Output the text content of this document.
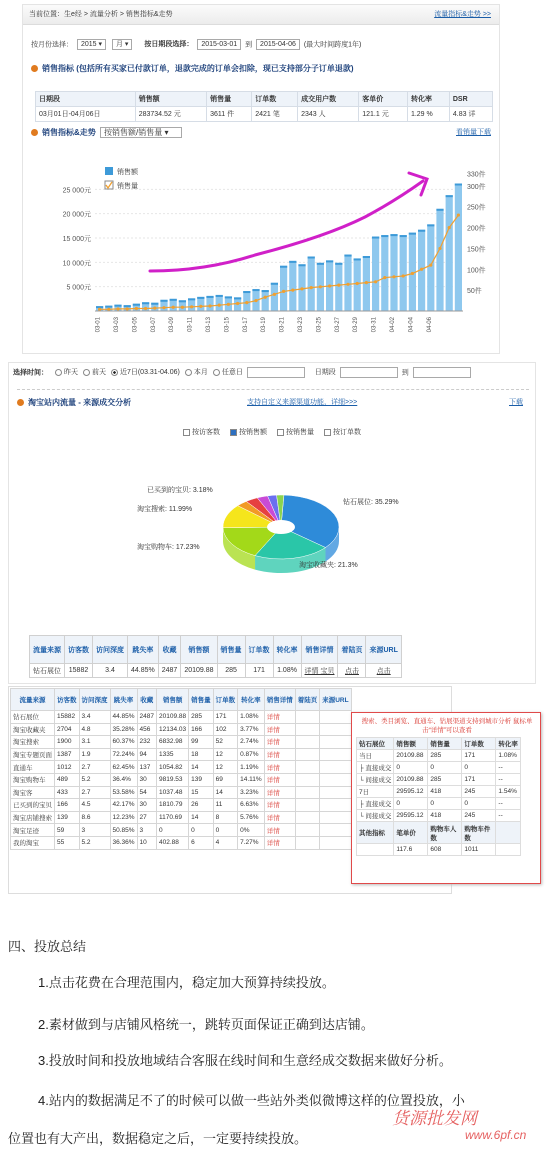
当前位置：生e经 > 流量分析 > 销售指标&走势	流量指标&走势 >>
按月份选择： 2015 ▾ 月 ▾ 按日期段选择： 2015-03-01 到 2015-04-06 (最大时间跨度1年)
销售指标 (包括所有买家已付款订单，退款完成的订单会扣除，现已支持部分子订单退款)
日期段	销售额	销售量	订单数	成交用户数	客单价	转化率	DSR
03月01日-04月06日	283734.52 元	3611 件	2421 笔	2343 人	121.1 元	1.29 %	4.83 详
销售指标&走势 按销售额/销售量 ▾	看销量下载
5 000元
10 000元
15 000元
20 000元
25 000元
50件
100件
150件
200件
250件
300件
330件
03-01 03-03 03-05 03-07 03-09 03-11 03-13 03-15 03-17 03-19 03-21 03-23 03-25 03-27 03-29 03-31 04-02 04-04 04-06
销售额
销售量
选择时间： 昨天 前天 近7日(03.31-04.06) 本月 任意日	日期段	到
淘宝站内流量 - 来源成交分析	支持自定义来源渠道功能，详细>>>	下载
按访客数	按销售额	按销售量	按订单数
已买到的宝贝: 3.18%
淘宝搜索: 11.99%
淘宝购物车: 17.23%
钻石展位: 35.29%
淘宝收藏夹: 21.3%
流量来源	访客数	访问深度	跳失率	收藏	销售额	销售量	订单数	转化率	销售详情	着陆页	来源URL
钻石展位	15882	3.4	44.85%	2487	20109.88	285	171	1.08%	详情 宝贝	点击	点击
流量来源	访客数	访问深度	跳失率	收藏	销售额	销售量	订单数	转化率	销售详情	着陆页	来源URL
钻石展位	15882	3.4	44.85%	2487	20109.88	285	171	1.08%	详情		
淘宝收藏夹	2704	4.8	35.28%	456	12134.03	166	102	3.77%	详情		
淘宝搜索	1900	3.1	60.37%	232	6832.98	99	52	2.74%	详情		
淘宝专题页面	1387	1.9	72.24%	94	1335	18	12	0.87%	详情		
直通车	1012	2.7	62.45%	137	1054.82	14	12	1.19%	详情		
淘宝购物车	489	5.2	36.4%	30	9819.53	139	69	14.11%	详情		
淘宝客	433	2.7	53.58%	54	1037.48	15	14	3.23%	详情		
已买到的宝贝	166	4.5	42.17%	30	1810.79	26	11	6.63%	详情		
淘宝店铺搜索	139	8.6	12.23%	27	1170.69	14	8	5.76%	详情		
淘宝足迹	59	3	50.85%	3	0	0	0	0%	详情		
我的淘宝	55	5.2	36.36%	10	402.88	6	4	7.27%	详情		
搜索、类目浏览、直通车、钻展渠道支持到城市分析 鼠标单击“详情”可以查看
钻石展位	销售额	销售量	订单数	转化率
当日	20109.88	285	171	1.08%
├ 直接成交	0	0	0	--
└ 间接成交	20109.88	285	171	--
7日	29595.12	418	245	1.54%
├ 直接成交	0	0	0	--
└ 间接成交	29595.12	418	245	--
其他指标	笔单价	购物车人数	购物车件数	
	117.6	608	1011	
四、投放总结
1.点击花费在合理范围内，稳定加大预算持续投放。
2.素材做到与店铺风格统一，跳转页面保证正确到达店铺。
3.投放时间和投放地域结合客服在线时间和生意经成交数据来做好分析。
4.站内的数据满足不了的时候可以做一些站外类似微博这样的位置投放，小
位置也有大产出，数据稳定之后，一定要持续投放。
货源批发网
www.6pf.cn
